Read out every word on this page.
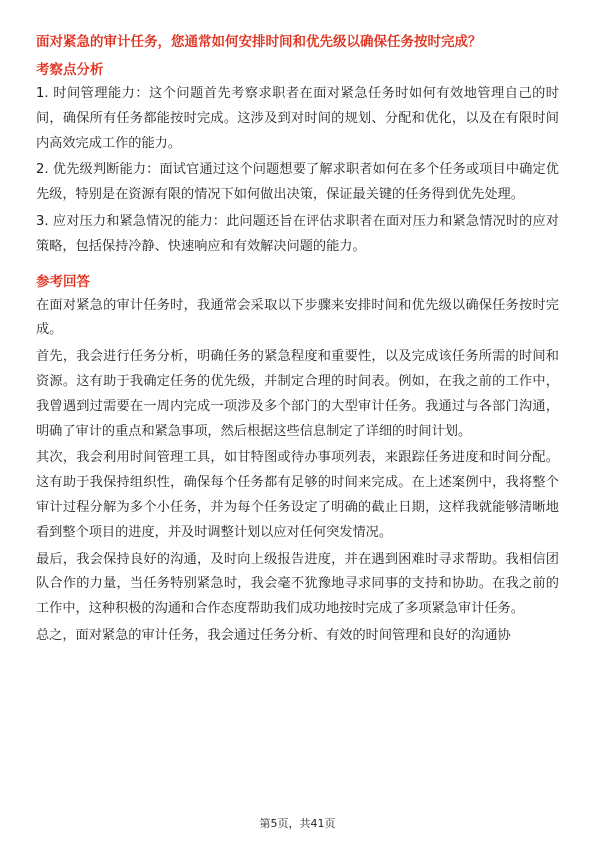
面对紧急的审计任务，您通常如何安排时间和优先级以确保任务按时完成？

考察点分析

1. 时间管理能力：这个问题首先考察求职者在面对紧急任务时如何有效地管理自己的时间，确保所有任务都能按时完成。这涉及到对时间的规划、分配和优化，以及在有限时间内高效完成工作的能力。

2. 优先级判断能力：面试官通过这个问题想要了解求职者如何在多个任务或项目中确定优先级，特别是在资源有限的情况下如何做出决策，保证最关键的任务得到优先处理。

3. 应对压力和紧急情况的能力：此问题还旨在评估求职者在面对压力和紧急情况时的应对策略，包括保持冷静、快速响应和有效解决问题的能力。

参考回答

在面对紧急的审计任务时，我通常会采取以下步骤来安排时间和优先级以确保任务按时完成。

首先，我会进行任务分析，明确任务的紧急程度和重要性，以及完成该任务所需的时间和资源。这有助于我确定任务的优先级，并制定合理的时间表。例如，在我之前的工作中，我曾遇到过需要在一周内完成一项涉及多个部门的大型审计任务。我通过与各部门沟通，明确了审计的重点和紧急事项，然后根据这些信息制定了详细的时间计划。

其次，我会利用时间管理工具，如甘特图或待办事项列表，来跟踪任务进度和时间分配。这有助于我保持组织性，确保每个任务都有足够的时间来完成。在上述案例中，我将整个审计过程分解为多个小任务，并为每个任务设定了明确的截止日期，这样我就能够清晰地看到整个项目的进度，并及时调整计划以应对任何突发情况。

最后，我会保持良好的沟通，及时向上级报告进度，并在遇到困难时寻求帮助。我相信团队合作的力量，当任务特别紧急时，我会毫不犹豫地寻求同事的支持和协助。在我之前的工作中，这种积极的沟通和合作态度帮助我们成功地按时完成了多项紧急审计任务。

总之，面对紧急的审计任务，我会通过任务分析、有效的时间管理和良好的沟通协

第5页，共41页
